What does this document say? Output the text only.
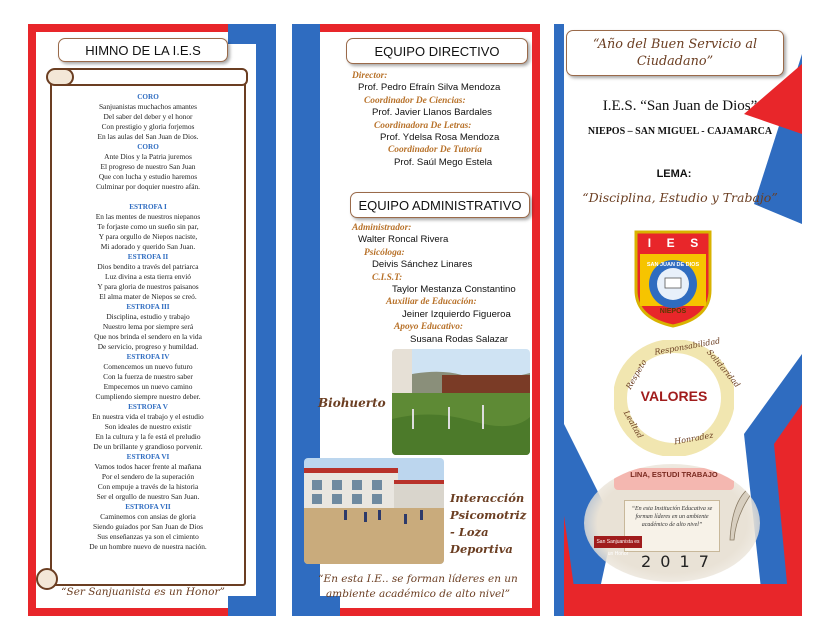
HIMNO DE LA I.E.S
CORO
Sanjuanistas muchachos amantes
Del saber del deber y el honor
Con prestigio y gloria forjemos
En las aulas del San Juan de Dios.
CORO
Ante Dios y la Patria juremos
El progreso de nuestro San Juan
Que con lucha y estudio haremos
Culminar por doquier nuestro afán.
ESTROFA I
En las mentes de nuestros niepanos
Te forjaste como un sueño sin par,
Y para orgullo de Niepos naciste,
Mi adorado y querido San Juan.
ESTROFA II
Dios bendito a través del patriarca
Luz divina a esta tierra envió
Y para gloria de nuestros paisanos
El alma mater de Niepos se creó.
ESTROFA III
Disciplina, estudio y trabajo
Nuestro lema por siempre será
Que nos brinda el sendero en la vida
De servicio, progreso y humildad.
ESTROFA IV
Comencemos un nuevo futuro
Con la fuerza de nuestro saber
Empecemos un nuevo camino
Cumpliendo siempre nuestro deber.
ESTROFA V
En nuestra vida el trabajo y el estudio
Son ideales de nuestro existir
En la cultura y la fe está el preludio
De un brillante y grandioso porvenir.
ESTROFA VI
Vamos todos hacer frente al mañana
Por el sendero de la superación
Con empuje a través de la historia
Ser el orgullo de nuestro San Juan.
ESTROFA VII
Caminemos con ansias de gloria
Siendo guiados por San Juan de Dios
Sus enseñanzas ya son el cimiento
De un hombre nuevo de nuestra nación.
“Ser Sanjuanista es un Honor”
EQUIPO DIRECTIVO
Director:
Prof. Pedro Efraín Silva Mendoza
Coordinador De Ciencias:
Prof. Javier Llanos Bardales
Coordinadora De Letras:
Prof. Ydelsa Rosa Mendoza
Coordinador De Tutoría
Prof. Saúl Mego Estela
EQUIPO ADMINISTRATIVO
Administrador:
Walter Roncal Rivera
Psicóloga:
Deivis Sánchez Linares
C.I.S.T:
Taylor Mestanza Constantino
Auxiliar de Educación:
Jeiner Izquierdo Figueroa
Apoyo Educativo:
Susana Rodas Salazar
Biohuerto
Interacción
Psicomotriz
- Loza
Deportiva
“En esta I.E.. se forman líderes en un
ambiente académico de alto nivel”
“Año del Buen Servicio al Ciudadano”
I.E.S. “San Juan de Dios”
NIEPOS – SAN MIGUEL - CAJAMARCA
LEMA:
“Disciplina, Estudio y Trabajo”
I E S
SAN JUAN DE DIOS
NIEPOS
Respeto
Responsabilidad
Solidaridad
Honradez
Lealtad
VALORES
LINA, ESTUDI TRABAJO
“En esta Institución Educativa se forman líderes en un ambiente académico de alto nivel”
San Sanjuanista es un Honor 2 0 1 7
